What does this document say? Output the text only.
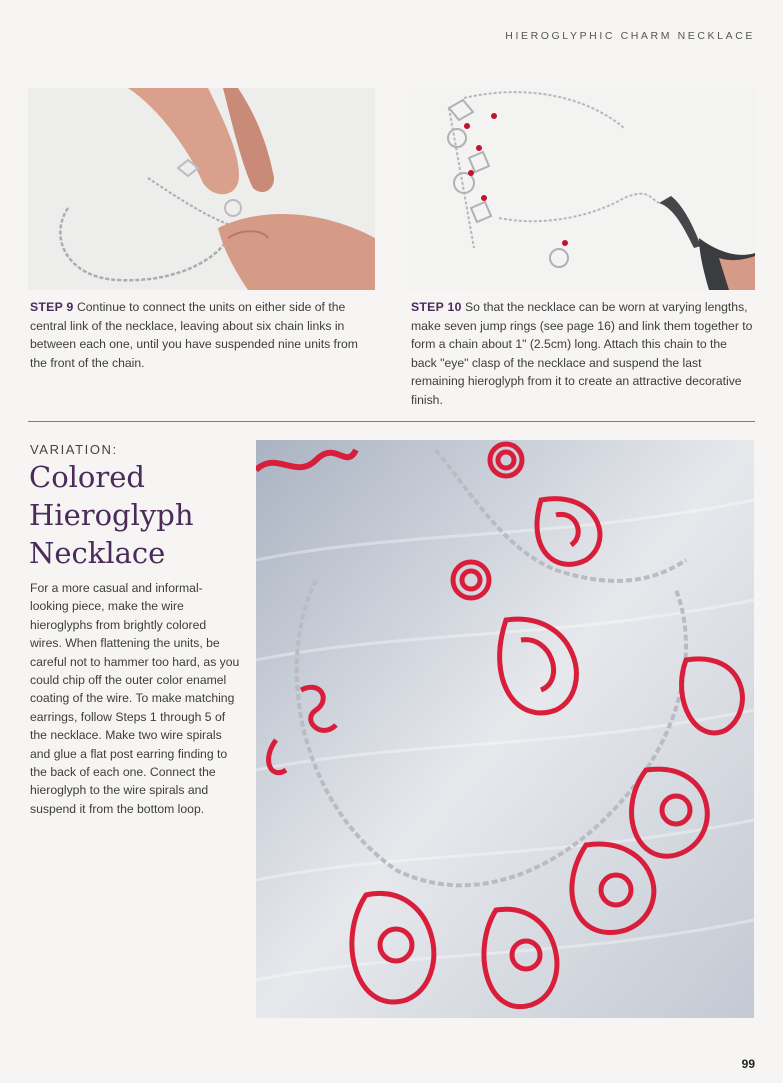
HIEROGLYPHIC CHARM NECKLACE
STEP 9 Continue to connect the units on either side of the central link of the necklace, leaving about six chain links in between each one, until you have suspended nine units from the front of the chain.
STEP 10 So that the necklace can be worn at varying lengths, make seven jump rings (see page 16) and link them together to form a chain about 1" (2.5cm) long. Attach this chain to the back "eye" clasp of the necklace and suspend the last remaining hieroglyph from it to create an attractive decorative finish.
VARIATION:
Colored Hieroglyph Necklace
For a more casual and informal-looking piece, make the wire hieroglyphs from brightly colored wires. When flattening the units, be careful not to hammer too hard, as you could chip off the outer color enamel coating of the wire. To make matching earrings, follow Steps 1 through 5 of the necklace. Make two wire spirals and glue a flat post earring finding to the back of each one. Connect the hieroglyph to the wire spirals and suspend it from the bottom loop.
99
